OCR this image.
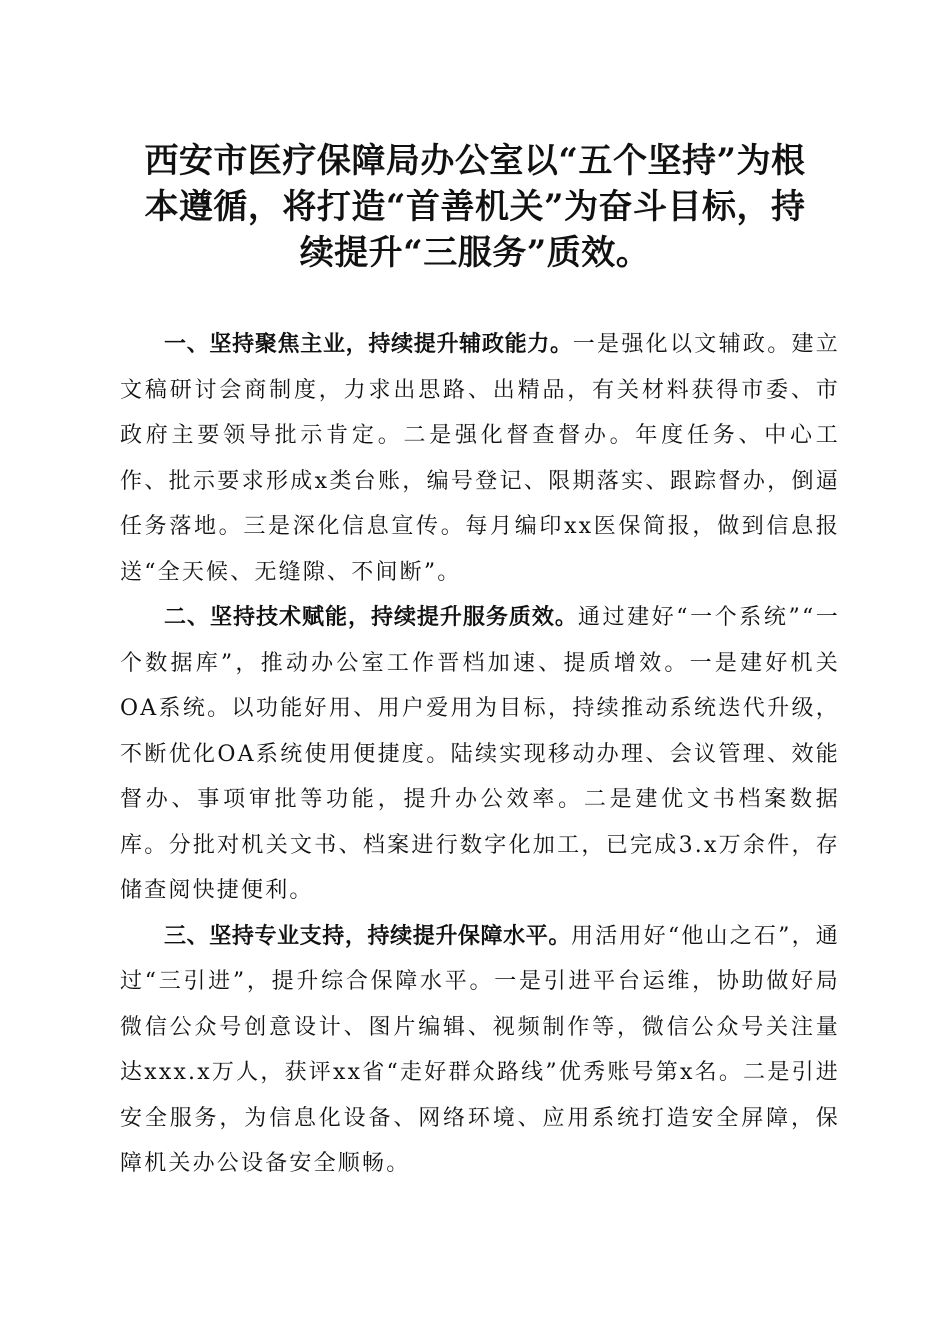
西安市医疗保障局办公室以“五个坚持”为根
本遵循，将打造“首善机关”为奋斗目标，持
续提升“三服务”质效。

一、坚持聚焦主业，持续提升辅政能力。一是强化以文辅政。建立文稿研讨会商制度，力求出思路、出精品，有关材料获得市委、市政府主要领导批示肯定。二是强化督查督办。年度任务、中心工作、批示要求形成x类台账，编号登记、限期落实、跟踪督办，倒逼任务落地。三是深化信息宣传。每月编印xx医保简报，做到信息报送“全天候、无缝隙、不间断”。

二、坚持技术赋能，持续提升服务质效。通过建好“一个系统”“一个数据库”，推动办公室工作晋档加速、提质增效。一是建好机关OA系统。以功能好用、用户爱用为目标，持续推动系统迭代升级，不断优化OA系统使用便捷度。陆续实现移动办理、会议管理、效能督办、事项审批等功能，提升办公效率。二是建优文书档案数据库。分批对机关文书、档案进行数字化加工，已完成3.x万余件，存储查阅快捷便利。

三、坚持专业支持，持续提升保障水平。用活用好“他山之石”，通过“三引进”，提升综合保障水平。一是引进平台运维，协助做好局微信公众号创意设计、图片编辑、视频制作等，微信公众号关注量达xxx.x万人，获评xx省“走好群众路线”优秀账号第x名。二是引进安全服务，为信息化设备、网络环境、应用系统打造安全屏障，保障机关办公设备安全顺畅。
